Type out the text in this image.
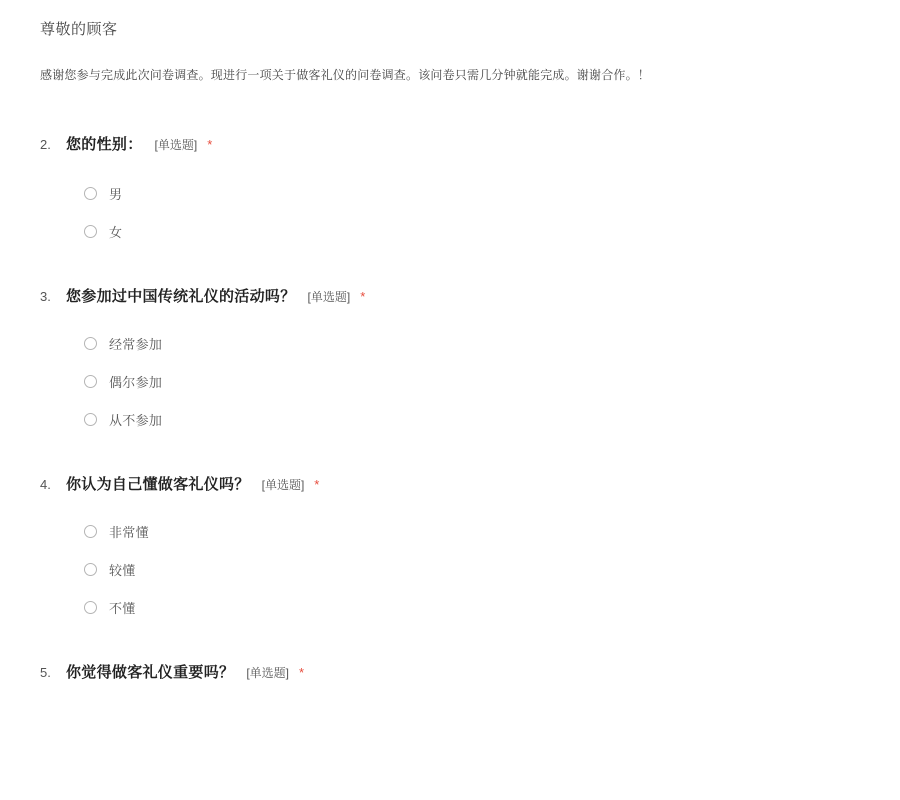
尊敬的顾客
感谢您参与完成此次问卷调查。现进行一项关于做客礼仪的问卷调查。该问卷只需几分钟就能完成。谢谢合作。！
2.	您的性别： [单选题] *
男
女
3.	您参加过中国传统礼仪的活动吗？ [单选题] *
经常参加
偶尔参加
从不参加
4.	你认为自己懂做客礼仪吗？ [单选题] *
非常懂
较懂
不懂
5.	你觉得做客礼仪重要吗？ [单选题] *
